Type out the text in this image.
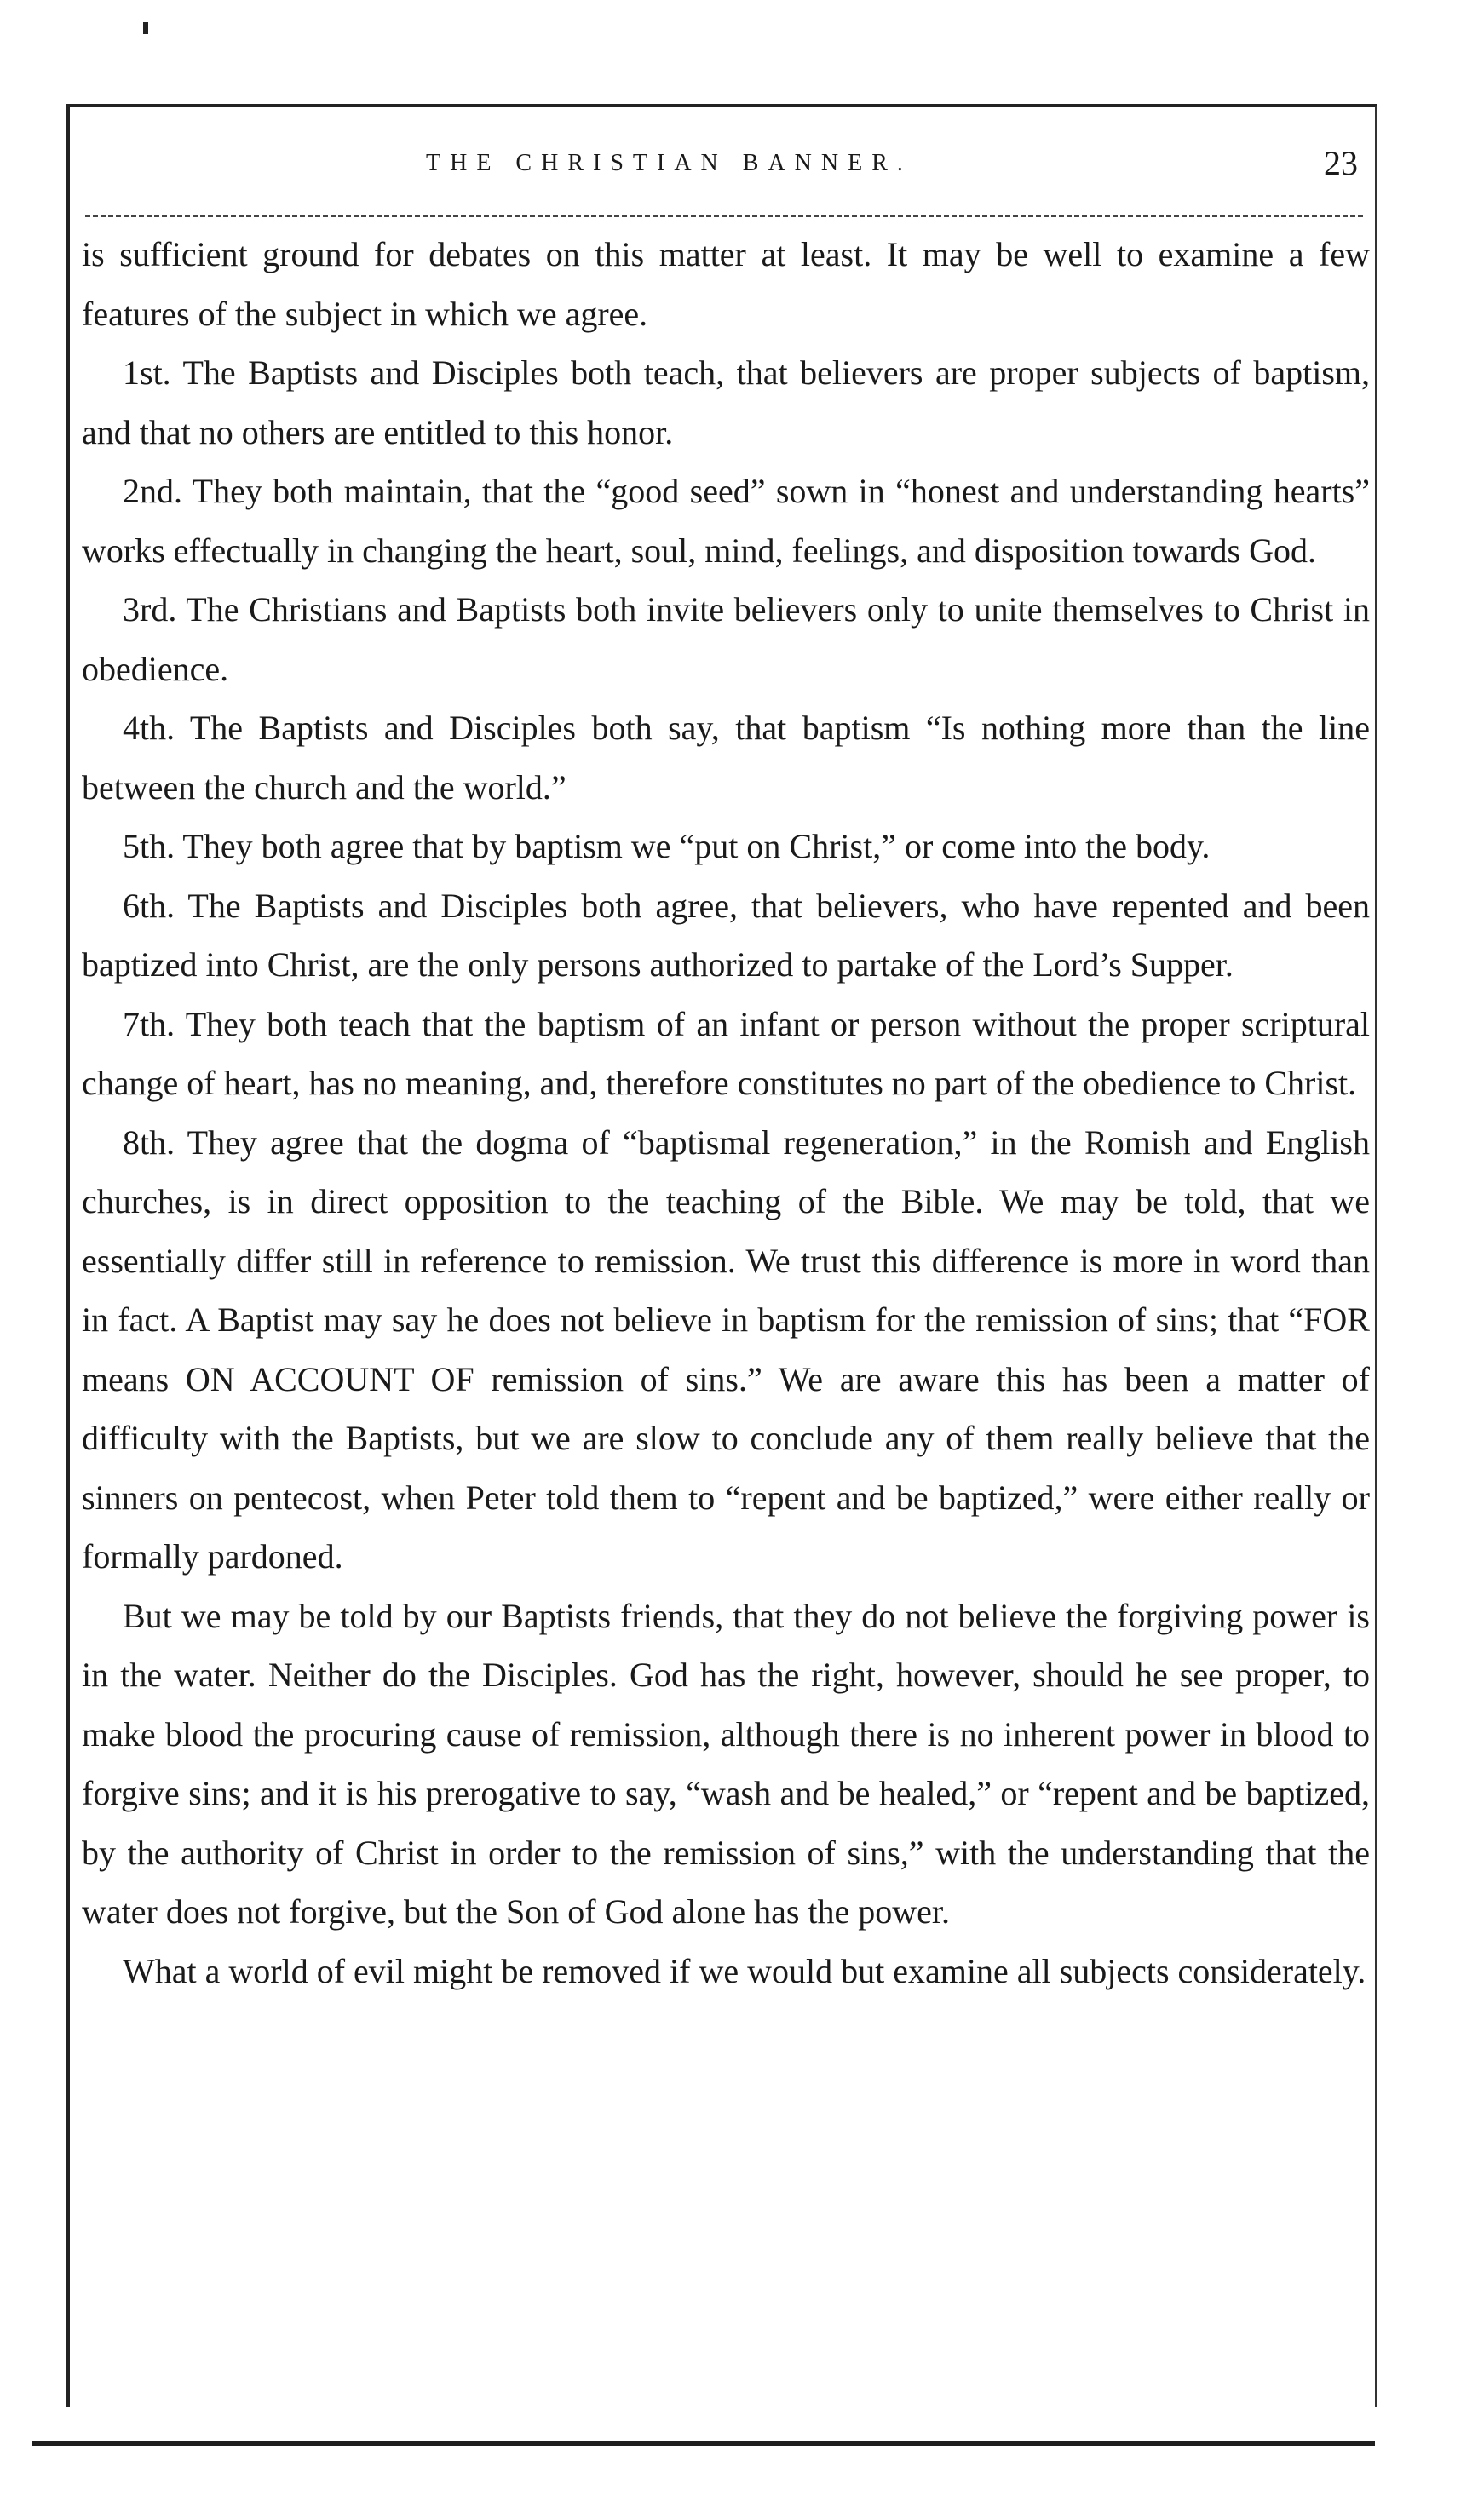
THE CHRISTIAN BANNER.	23

is sufficient ground for debates on this matter at least. It may be well to examine a few features of the subject in which we agree.

1st. The Baptists and Disciples both teach, that believers are proper subjects of baptism, and that no others are entitled to this honor.

2nd. They both maintain, that the “good seed” sown in “honest and understanding hearts” works effectually in changing the heart, soul, mind, feelings, and disposition towards God.

3rd. The Christians and Baptists both invite believers only to unite themselves to Christ in obedience.

4th. The Baptists and Disciples both say, that baptism “Is nothing more than the line between the church and the world.”

5th. They both agree that by baptism we “put on Christ,” or come into the body.

6th. The Baptists and Disciples both agree, that believers, who have repented and been baptized into Christ, are the only persons authorized to partake of the Lord’s Supper.

7th. They both teach that the baptism of an infant or person without the proper scriptural change of heart, has no meaning, and, therefore constitutes no part of the obedience to Christ.

8th. They agree that the dogma of “baptismal regeneration,” in the Romish and English churches, is in direct opposition to the teaching of the Bible. We may be told, that we essentially differ still in reference to remission. We trust this difference is more in word than in fact. A Baptist may say he does not believe in baptism for the remission of sins; that “FOR means ON ACCOUNT OF remission of sins.” We are aware this has been a matter of difficulty with the Baptists, but we are slow to conclude any of them really believe that the sinners on pentecost, when Peter told them to “repent and be baptized,” were either really or formally pardoned.

But we may be told by our Baptists friends, that they do not believe the forgiving power is in the water. Neither do the Disciples. God has the right, however, should he see proper, to make blood the procuring cause of remission, although there is no inherent power in blood to forgive sins; and it is his prerogative to say, “wash and be healed,” or “repent and be baptized, by the authority of Christ in order to the remission of sins,” with the understanding that the water does not forgive, but the Son of God alone has the power.

What a world of evil might be removed if we would but examine all subjects considerately.
